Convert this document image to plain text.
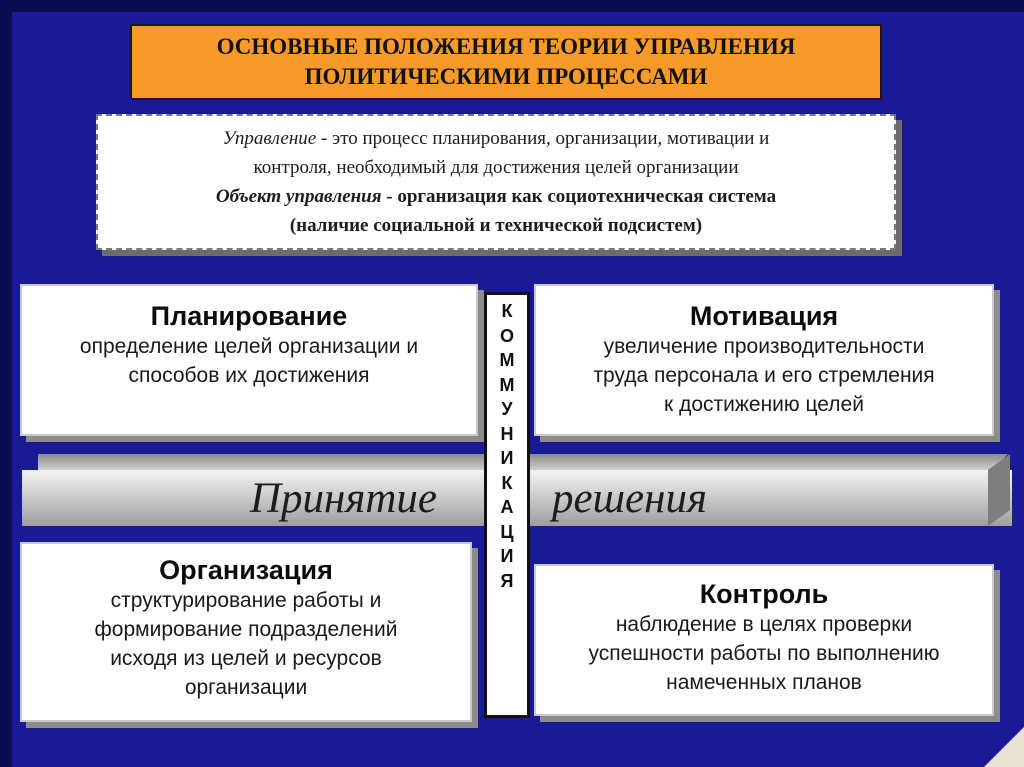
ОСНОВНЫЕ ПОЛОЖЕНИЯ ТЕОРИИ УПРАВЛЕНИЯ
ПОЛИТИЧЕСКИМИ ПРОЦЕССАМИ
Управление - это процесс планирования, организации, мотивации и
контроля, необходимый для достижения целей организации
Объект управления - организация как социотехническая система
(наличие социальной и технической подсистем)
Планирование
определение целей организации и
способов их достижения
Мотивация
увеличение производительности
труда персонала и его стремления
к достижению целей
Принятие	решения
Организация
структурирование работы и
формирование подразделений
исходя из целей и ресурсов
организации
Контроль
наблюдение в целях проверки
успешности работы по выполнению
намеченных планов
К
О
М
М
У
Н
И
К
А
Ц
И
Я
